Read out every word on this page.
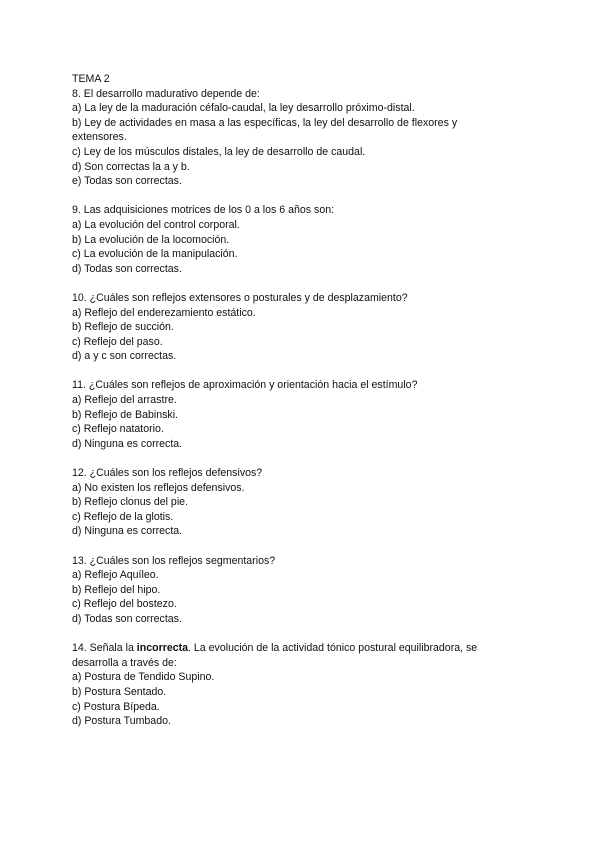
TEMA 2
8. El desarrollo madurativo depende de:
a) La ley de la maduración céfalo-caudal, la ley desarrollo próximo-distal.
b) Ley de actividades en masa a las específicas, la ley del desarrollo de flexores y extensores.
c) Ley de los músculos distales, la ley de desarrollo de caudal.
d) Son correctas la a y b.
e) Todas son correctas.
9. Las adquisiciones motrices de los 0 a los 6 años son:
a) La evolución del control corporal.
b) La evolución de la locomoción.
c) La evolución de la manipulación.
d) Todas son correctas.
10. ¿Cuáles son reflejos extensores o posturales y de desplazamiento?
a) Reflejo del enderezamiento estático.
b) Reflejo de succión.
c) Reflejo del paso.
d) a y c son correctas.
11. ¿Cuáles son reflejos de aproximación y orientación hacia el estímulo?
a) Reflejo del arrastre.
b) Reflejo de Babinski.
c) Reflejo natatorio.
d) Ninguna es correcta.
12. ¿Cuáles son los reflejos defensivos?
a) No existen los reflejos defensivos.
b) Reflejo clonus del pie.
c) Reflejo de la glotis.
d) Ninguna es correcta.
13. ¿Cuáles son los reflejos segmentarios?
a) Reflejo Aquíleo.
b) Reflejo del hipo.
c) Reflejo del bostezo.
d) Todas son correctas.
14. Señala la incorrecta. La evolución de la actividad tónico postural equilibradora, se desarrolla a través de:
a) Postura de Tendido Supino.
b) Postura Sentado.
c) Postura Bípeda.
d) Postura Tumbado.
